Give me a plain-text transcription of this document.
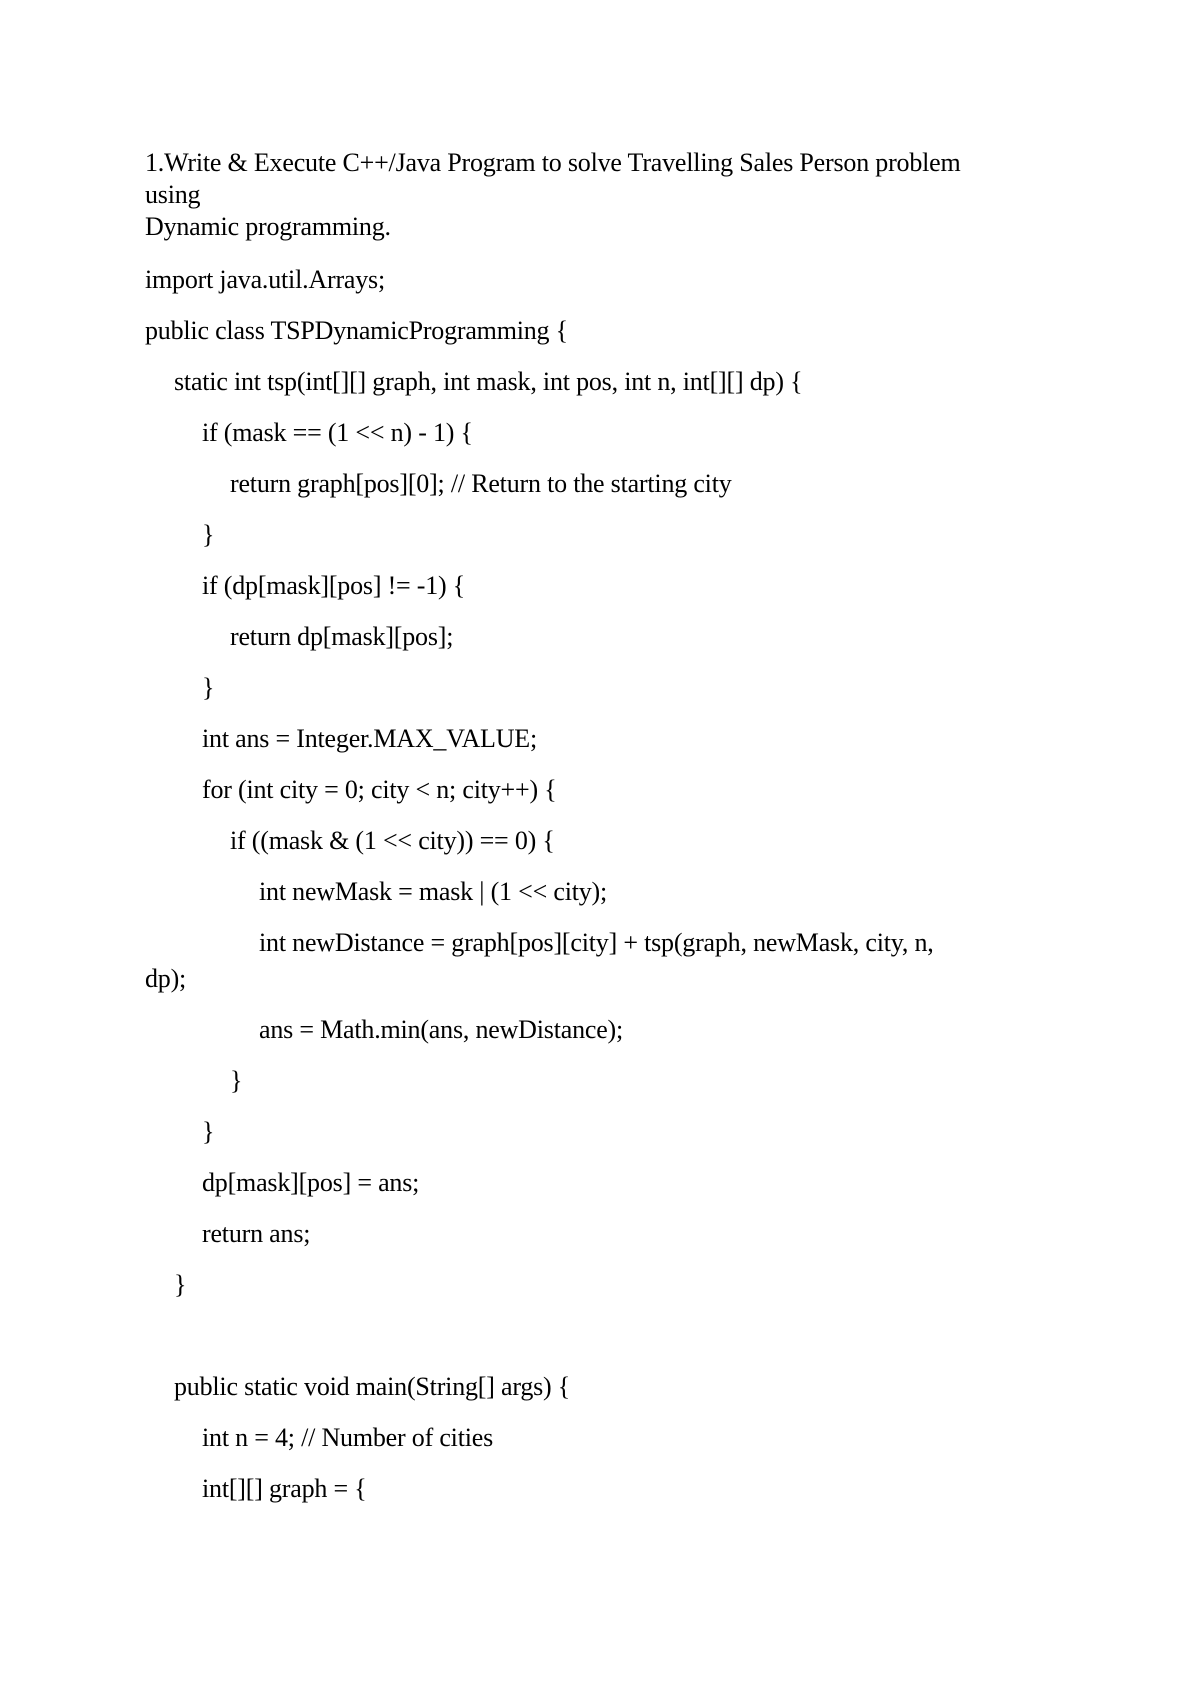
1.Write & Execute C++/Java Program to solve Travelling Sales Person problem
using
Dynamic programming.
import java.util.Arrays;
public class TSPDynamicProgramming {
static int tsp(int[][] graph, int mask, int pos, int n, int[][] dp) {
if (mask == (1 << n) - 1) {
return graph[pos][0]; // Return to the starting city
}
if (dp[mask][pos] != -1) {
return dp[mask][pos];
}
int ans = Integer.MAX_VALUE;
for (int city = 0; city < n; city++) {
if ((mask & (1 << city)) == 0) {
int newMask = mask | (1 << city);
int newDistance = graph[pos][city] + tsp(graph, newMask, city, n,
dp);
ans = Math.min(ans, newDistance);
}
}
dp[mask][pos] = ans;
return ans;
}
public static void main(String[] args) {
int n = 4; // Number of cities
int[][] graph = {
